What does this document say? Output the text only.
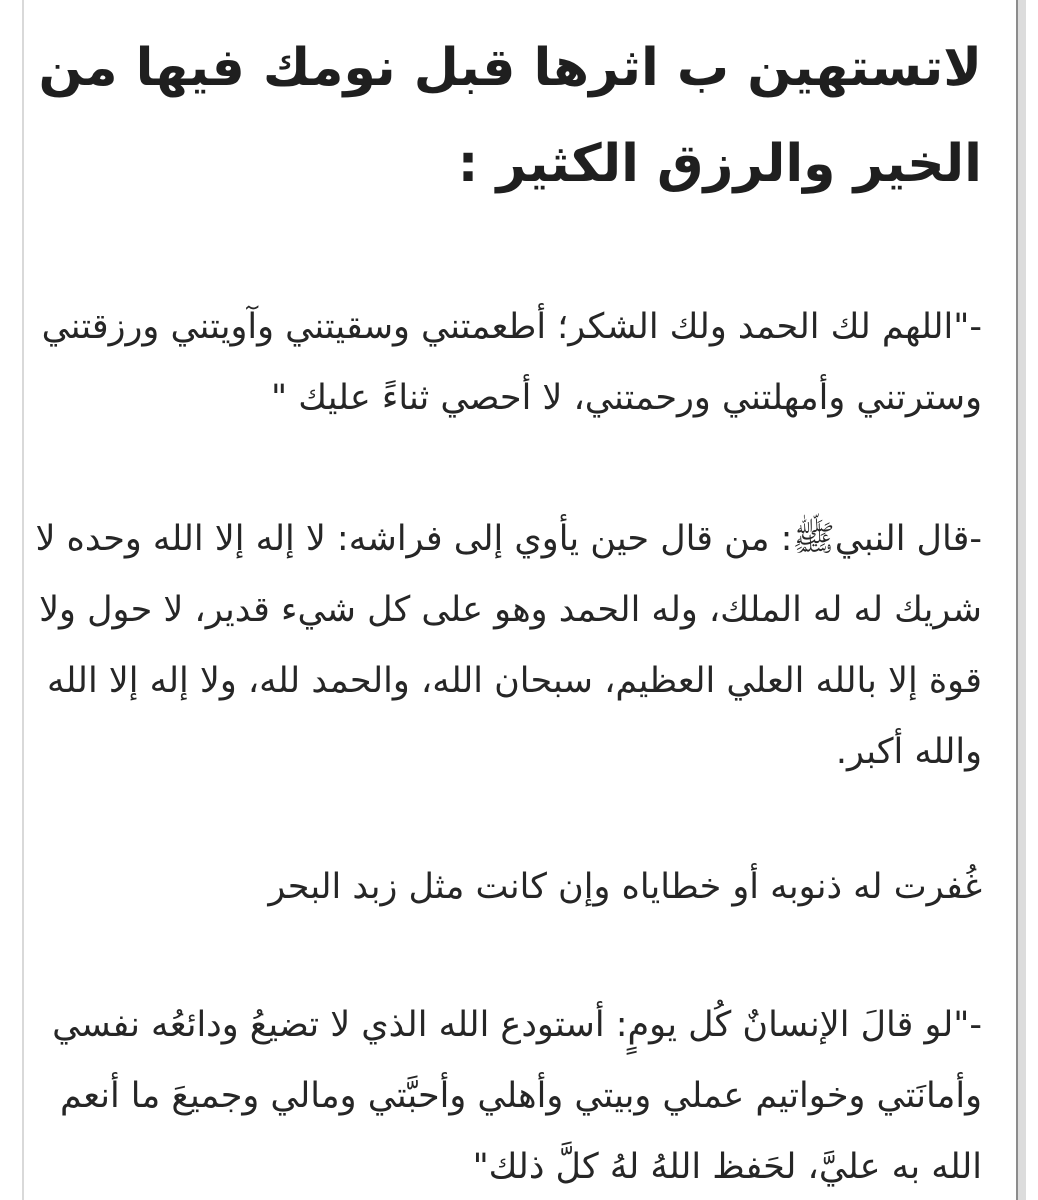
لاتستهين ب اثرها قبل نومك فيها من الخير والرزق الكثير :

-"اللهم لك الحمد ولك الشكر؛ أطعمتني وسقيتني وآويتني ورزقتني وسترتني وأمهلتني ورحمتني، لا أحصي ثناءً عليك "

-قال النبيﷺ: من قال حين يأوي إلى فراشه: لا إله إلا الله وحده لا شريك له له الملك، وله الحمد وهو على كل شيء قدير، لا حول ولا قوة إلا بالله العلي العظيم، سبحان الله، والحمد لله، ولا إله إلا الله والله أكبر.

غُفرت له ذنوبه أو خطاياه وإن كانت مثل زبد البحر

-"لو قالَ الإنسانٌ كُل يومٍ: أستودع الله الذي لا تضيعُ ودائعُه نفسي وأمانَتي وخواتيم عملي وبيتي وأهلي وأحبَّتي ومالي وجميعَ ما أنعم الله به عليَّ، لحَفظ اللهُ لهُ كلَّ ذلك"
